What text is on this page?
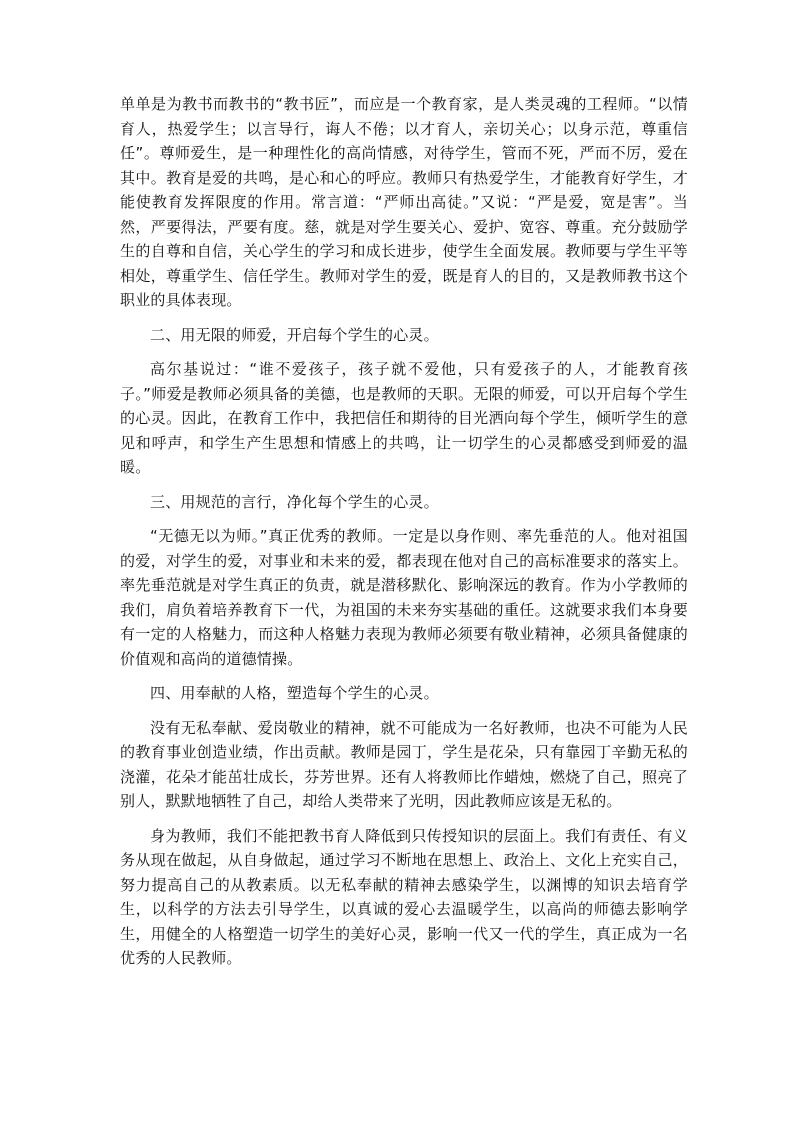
单单是为教书而教书的“教书匠”，而应是一个教育家，是人类灵魂的工程师。“以情育人，热爱学生；以言导行，诲人不倦；以才育人，亲切关心；以身示范，尊重信任”。尊师爱生，是一种理性化的高尚情感，对待学生，管而不死，严而不厉，爱在其中。教育是爱的共鸣，是心和心的呼应。教师只有热爱学生，才能教育好学生，才能使教育发挥限度的作用。常言道：“严师出高徒。”又说：“严是爱，宽是害”。当然，严要得法，严要有度。慈，就是对学生要关心、爱护、宽容、尊重。充分鼓励学生的自尊和自信，关心学生的学习和成长进步，使学生全面发展。教师要与学生平等相处，尊重学生、信任学生。教师对学生的爱，既是育人的目的，又是教师教书这个职业的具体表现。

二、用无限的师爱，开启每个学生的心灵。

高尔基说过：“谁不爱孩子，孩子就不爱他，只有爱孩子的人，才能教育孩子。”师爱是教师必须具备的美德，也是教师的天职。无限的师爱，可以开启每个学生的心灵。因此，在教育工作中，我把信任和期待的目光洒向每个学生，倾听学生的意见和呼声，和学生产生思想和情感上的共鸣，让一切学生的心灵都感受到师爱的温暖。

三、用规范的言行，净化每个学生的心灵。

“无德无以为师。”真正优秀的教师。一定是以身作则、率先垂范的人。他对祖国的爱，对学生的爱，对事业和未来的爱，都表现在他对自己的高标准要求的落实上。率先垂范就是对学生真正的负责，就是潜移默化、影响深远的教育。作为小学教师的我们，肩负着培养教育下一代，为祖国的未来夯实基础的重任。这就要求我们本身要有一定的人格魅力，而这种人格魅力表现为教师必须要有敬业精神，必须具备健康的价值观和高尚的道德情操。

四、用奉献的人格，塑造每个学生的心灵。

没有无私奉献、爱岗敬业的精神，就不可能成为一名好教师，也决不可能为人民的教育事业创造业绩，作出贡献。教师是园丁，学生是花朵，只有靠园丁辛勤无私的浇灌，花朵才能茁壮成长，芬芳世界。还有人将教师比作蜡烛，燃烧了自己，照亮了别人，默默地牺牲了自己，却给人类带来了光明，因此教师应该是无私的。

身为教师，我们不能把教书育人降低到只传授知识的层面上。我们有责任、有义务从现在做起，从自身做起，通过学习不断地在思想上、政治上、文化上充实自己，努力提高自己的从教素质。以无私奉献的精神去感染学生，以渊博的知识去培育学生，以科学的方法去引导学生，以真诚的爱心去温暖学生，以高尚的师德去影响学生，用健全的人格塑造一切学生的美好心灵，影响一代又一代的学生，真正成为一名优秀的人民教师。
